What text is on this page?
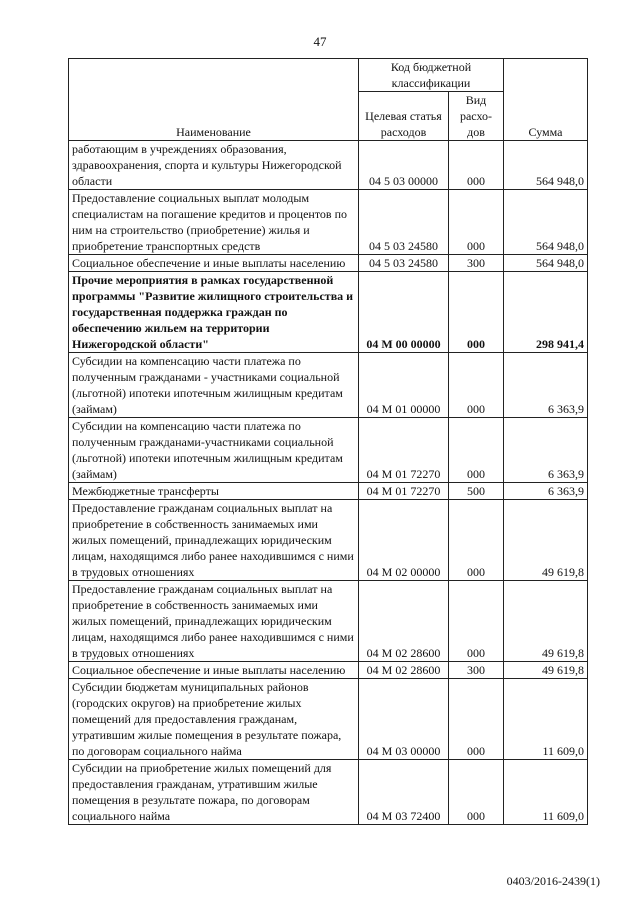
47
Наименование	Код бюджетной классификации		Сумма
	Целевая статья расходов	Вид расхо-дов	
работающим в учреждениях образования, здравоохранения, спорта и культуры Нижегородской области	04 5 03 00000	000	564 948,0
Предоставление социальных выплат молодым специалистам на погашение кредитов и процентов по ним на строительство (приобретение) жилья и приобретение транспортных средств	04 5 03 24580	000	564 948,0
Социальное обеспечение и иные выплаты населению	04 5 03 24580	300	564 948,0
Прочие мероприятия в рамках государственной программы "Развитие жилищного строительства и государственная поддержка граждан по обеспечению жильем на территории Нижегородской области"	04 М 00 00000	000	298 941,4
Субсидии на компенсацию части платежа по полученным гражданами - участниками социальной (льготной) ипотеки ипотечным жилищным кредитам (займам)	04 М 01 00000	000	6 363,9
Субсидии на компенсацию части платежа по полученным гражданами-участниками социальной (льготной) ипотеки ипотечным жилищным кредитам (займам)	04 М 01 72270	000	6 363,9
Межбюджетные трансферты	04 М 01 72270	500	6 363,9
Предоставление гражданам социальных выплат на приобретение в собственность занимаемых ими жилых помещений, принадлежащих юридическим лицам, находящимся либо ранее находившимся с ними в трудовых отношениях	04 М 02 00000	000	49 619,8
Предоставление гражданам социальных выплат на приобретение в собственность занимаемых ими жилых помещений, принадлежащих юридическим лицам, находящимся либо ранее находившимся с ними в трудовых отношениях	04 М 02 28600	000	49 619,8
Социальное обеспечение и иные выплаты населению	04 М 02 28600	300	49 619,8
Субсидии бюджетам муниципальных районов (городских округов) на приобретение жилых помещений для предоставления гражданам, утратившим жилые помещения в результате пожара, по договорам социального найма	04 М 03 00000	000	11 609,0
Субсидии на приобретение жилых помещений для предоставления гражданам, утратившим жилые помещения в результате пожара, по договорам социального найма	04 М 03 72400	000	11 609,0
0403/2016-2439(1)
